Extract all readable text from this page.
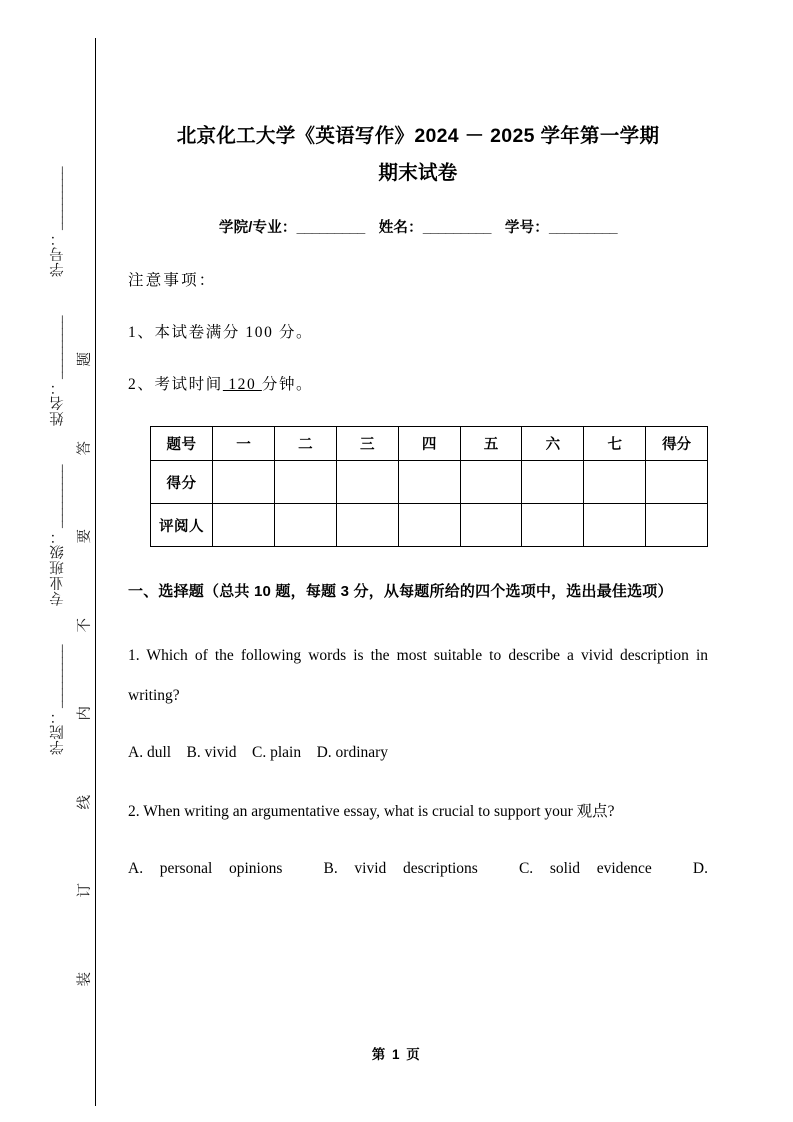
学号：
__________
姓名：
__________
专业班级：
__________
学院：
__________
题
答
要
不
内
线
订
装
北京化工大学《英语写作》2024 － 2025 学年第一学期
期末试卷

学院/专业：_________ 姓名：_________ 学号：_________

注意事项：

1、本试卷满分 100 分。

2、考试时间 120 分钟。

题号	一	二	三	四	五	六	七	得分
得分								
评阅人								

一、选择题（总共 10 题，每题 3 分，从每题所给的四个选项中，选出最佳选项）

1. Which of the following words is the most suitable to describe a vivid description in writing?

A. dull　B. vivid　C. plain　D. ordinary

2. When writing an argumentative essay, what is crucial to support your 观点?

A. personal opinions　B. vivid descriptions　C. solid evidence　D.

第 1 页
